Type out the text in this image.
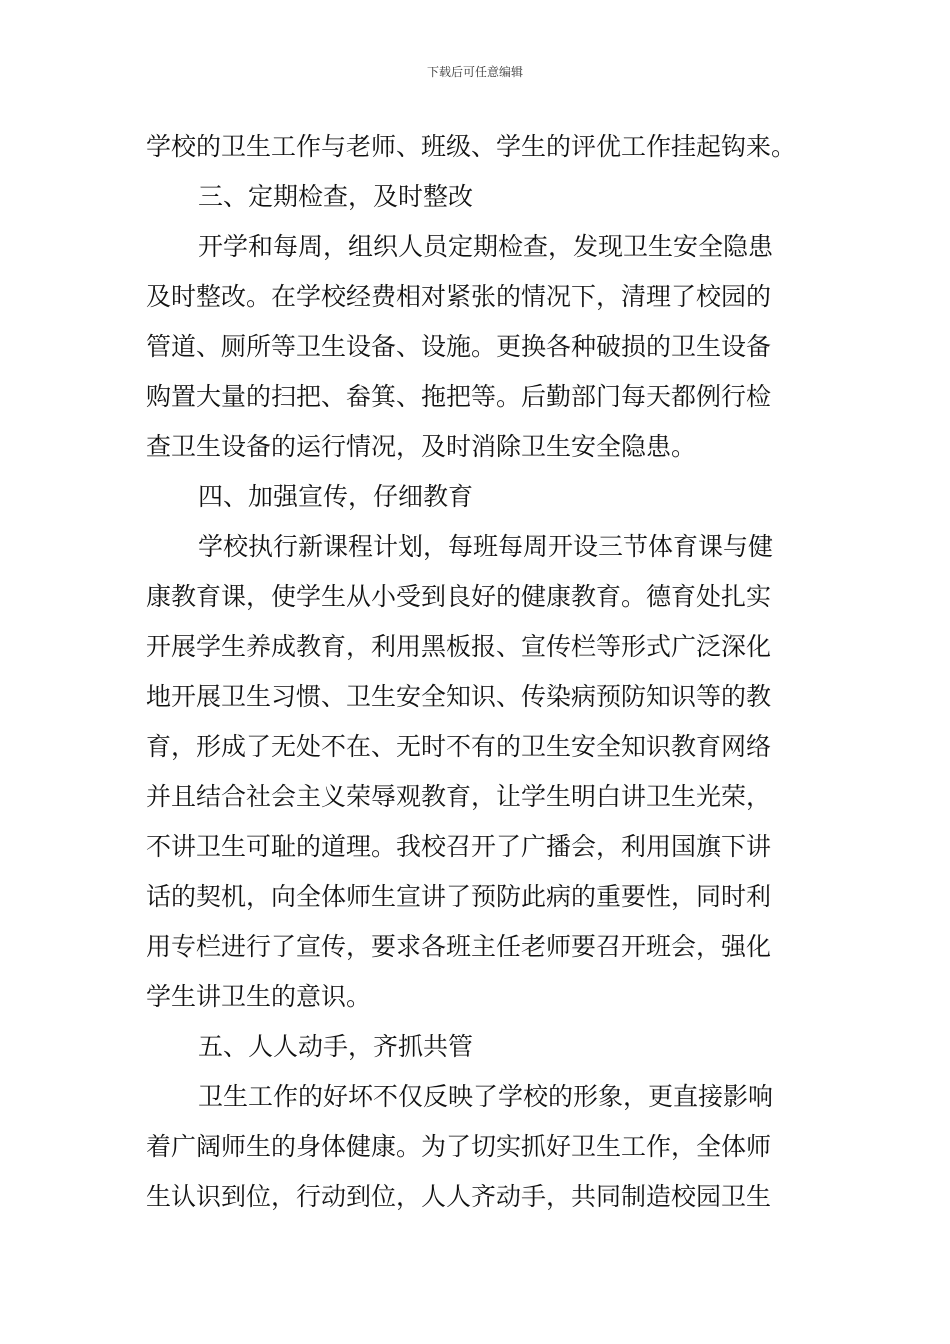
下载后可任意编辑
学校的卫生工作与老师、班级、学生的评优工作挂起钩来。
三、定期检查，及时整改
开学和每周，组织人员定期检查，发现卫生安全隐患
及时整改。在学校经费相对紧张的情况下，清理了校园的
管道、厕所等卫生设备、设施。更换各种破损的卫生设备
购置大量的扫把、畚箕、拖把等。后勤部门每天都例行检
查卫生设备的运行情况，及时消除卫生安全隐患。
四、加强宣传，仔细教育
学校执行新课程计划，每班每周开设三节体育课与健
康教育课，使学生从小受到良好的健康教育。德育处扎实
开展学生养成教育，利用黑板报、宣传栏等形式广泛深化
地开展卫生习惯、卫生安全知识、传染病预防知识等的教
育，形成了无处不在、无时不有的卫生安全知识教育网络
并且结合社会主义荣辱观教育，让学生明白讲卫生光荣，
不讲卫生可耻的道理。我校召开了广播会，利用国旗下讲
话的契机，向全体师生宣讲了预防此病的重要性，同时利
用专栏进行了宣传，要求各班主任老师要召开班会，强化
学生讲卫生的意识。
五、人人动手，齐抓共管
卫生工作的好坏不仅反映了学校的形象，更直接影响
着广阔师生的身体健康。为了切实抓好卫生工作，全体师
生认识到位，行动到位，人人齐动手，共同制造校园卫生
